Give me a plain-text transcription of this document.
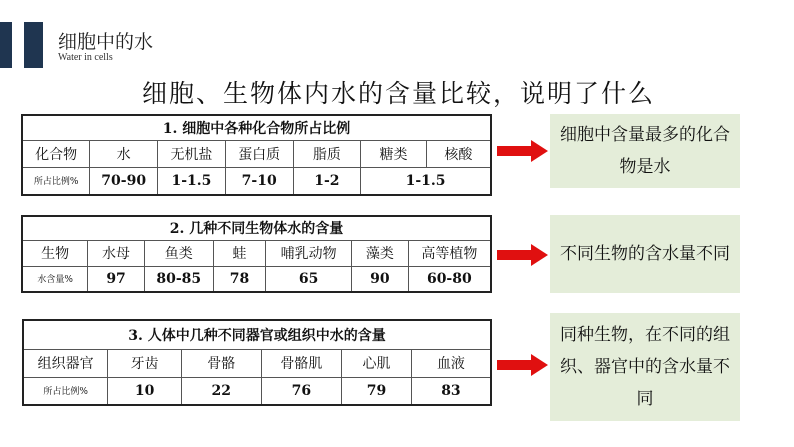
细胞中的水
Water in cells
细胞、生物体内水的含量比较，说明了什么
1. 细胞中各种化合物所占比例						
化合物	水	无机盐	蛋白质	脂质	糖类	核酸
所占比例%	70-90	1-1.5	7-10	1-2	1-1.5	
2. 几种不同生物体水的含量						
生物	水母	鱼类	蛙	哺乳动物	藻类	高等植物
水含量%	97	80-85	78	65	90	60-80
3. 人体中几种不同器官或组织中水的含量					
组织器官	牙齿	骨骼	骨骼肌	心肌	血液
所占比例%	10	22	76	79	83
细胞中含量最多的化合物是水
不同生物的含水量不同
同种生物，在不同的组织、器官中的含水量不同
